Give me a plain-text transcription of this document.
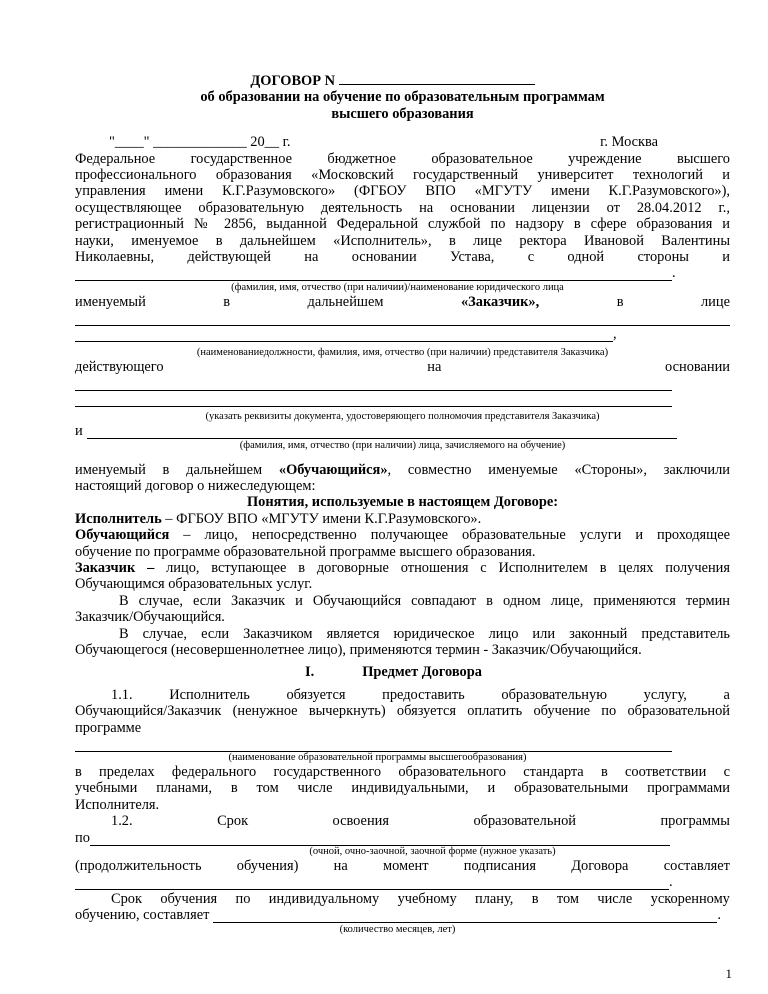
ДОГОВОР N
об образовании на обучение по образовательным программам
высшего образования
"____" _____________ 20__ г.	г. Москва
Федеральное государственное бюджетное образовательное учреждение высшего
профессионального образования «Московский государственный университет технологий и
управления имени К.Г.Разумовского» (ФГБОУ ВПО «МГУТУ имени К.Г.Разумовского»),
осуществляющее образовательную деятельность на основании лицензии от 28.04.2012 г.,
регистрационный № 2856, выданной Федеральной службой по надзору в сфере образования и
науки, именуемое в дальнейшем «Исполнитель», в лице ректора Ивановой Валентины
Николаевны, действующей на основании Устава, с одной стороны и
.
(фамилия, имя, отчество (при наличии)/наименование юридического лица
именуемый	в	дальнейшем	«Заказчик»,	в	лице
,
(наименованиедолжности, фамилия, имя, отчество (при наличии) представителя Заказчика)
действующего	на	основании
(указать реквизиты документа, удостоверяющего полномочия представителя Заказчика)
и
(фамилия, имя, отчество (при наличии) лица, зачисляемого на обучение)
именуемый в дальнейшем «Обучающийся», совместно именуемые «Стороны», заключили
настоящий договор о нижеследующем:
Понятия, используемые в настоящем Договоре:
Исполнитель – ФГБОУ ВПО «МГУТУ имени К.Г.Разумовского».
Обучающийся – лицо, непосредственно получающее образовательные услуги и проходящее
обучение по программе образовательной программе высшего образования.
Заказчик – лицо, вступающее в договорные отношения с Исполнителем в целях получения
Обучающимся образовательных услуг.
В случае, если Заказчик и Обучающийся совпадают в одном лице, применяются термин
Заказчик/Обучающийся.
В случае, если Заказчиком является юридическое лицо или законный представитель
Обучающегося (несовершеннолетнее лицо), применяются термин - Заказчик/Обучающийся.
I.	Предмет Договора
1.1.	Исполнитель	обязуется	предоставить	образовательную	услугу,	а
Обучающийся/Заказчик (ненужное вычеркнуть) обязуется оплатить обучение по образовательной
программе
(наименование образовательной программы высшегообразования)
в пределах федерального государственного образовательного стандарта в соответствии с
учебными планами, в том числе индивидуальными, и образовательными программами
Исполнителя.
1.2.	Срок	освоения	образовательной	программы
по
(очной, очно-заочной, заочной форме (нужное указать)
(продолжительность обучения) на момент подписания Договора составляет
.
Срок обучения по индивидуальному учебному плану, в том числе ускоренному
обучению, составляет	.
(количество месяцев, лет)
1
